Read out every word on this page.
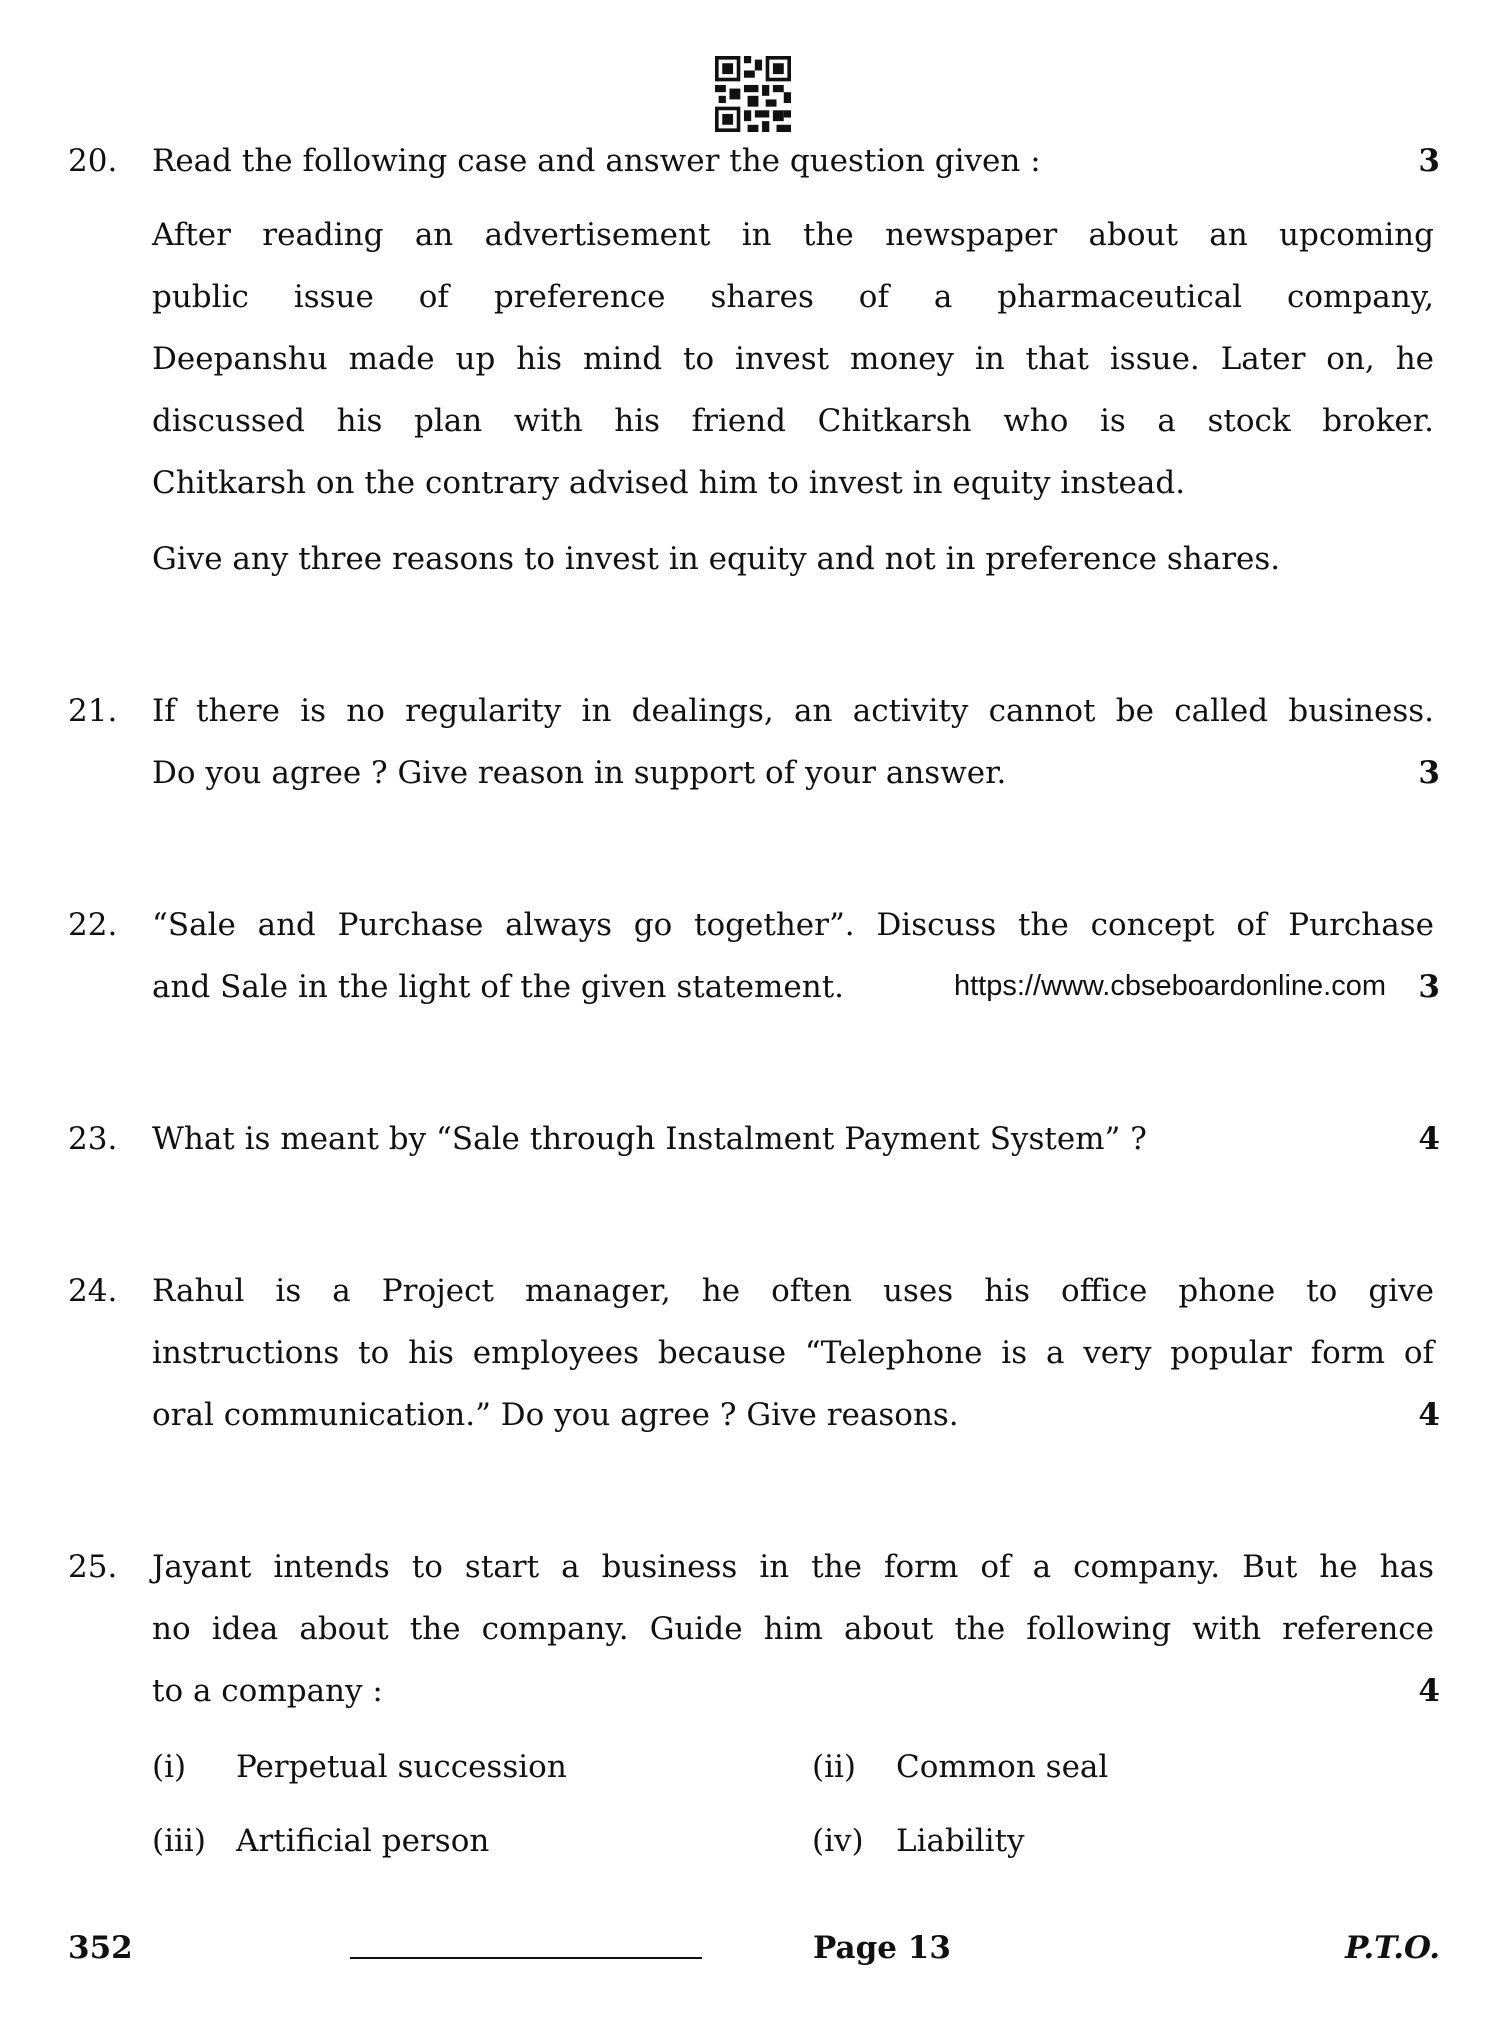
20. Read the following case and answer the question given :	3

After reading an advertisement in the newspaper about an upcoming

public issue of preference shares of a pharmaceutical company,

Deepanshu made up his mind to invest money in that issue. Later on, he

discussed his plan with his friend Chitkarsh who is a stock broker.

Chitkarsh on the contrary advised him to invest in equity instead.

Give any three reasons to invest in equity and not in preference shares.

21. If there is no regularity in dealings, an activity cannot be called business.

Do you agree ? Give reason in support of your answer.	3
22. “Sale and Purchase always go together”. Discuss the concept of Purchase

and Sale in the light of the given statement.	https://www.cbseboardonline.com 3
23. What is meant by “Sale through Instalment Payment System” ?	4
24. Rahul is a Project manager, he often uses his office phone to give

instructions to his employees because “Telephone is a very popular form of

oral communication.” Do you agree ? Give reasons.	4
25. Jayant intends to start a business in the form of a company. But he has

no idea about the company. Guide him about the following with reference

to a company :	4
(i) Perpetual succession	(ii) Common seal
(iii) Artificial person	(iv) Liability
352	Page 13	P.T.O.
